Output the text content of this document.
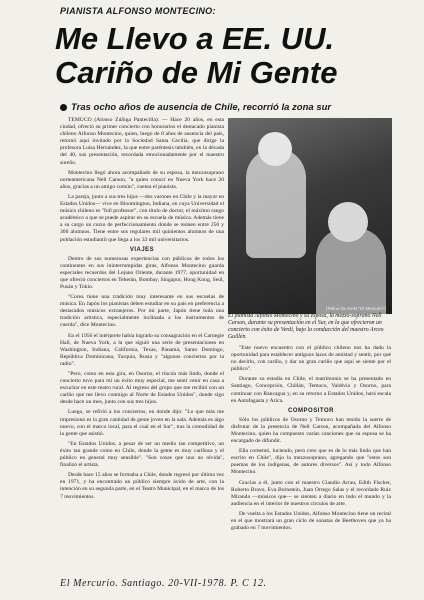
PIANISTA ALFONSO MONTECINO:
Me Llevo a EE. UU.
Cariño de Mi Gente
Tras ocho años de ausencia de Chile, recorrió la zona sur

TEMUCO (Alonso Zúñiga Pantecilla). — Hace 20 años, en esta ciudad, ofreció su primer concierto con honorarios el destacado pianista chileno Alfonso Montecino, quien, luego de 8 años de ausencia del país, retornó aquí invitado por la Sociedad Santa Cecilia, que dirige la profesora Luisa Hernández, la que entre paréntesis también, en la década del 40, sus presentación, recordada emocionadamente por el maestro sureño.

Montecino llegó ahora acompañado de su esposa, la mezzosoprano norteamericana Nell Carson, "a quien conocí en Nueva York hace 20 años, gracias a un amigo común", cuenta el pianista.

La pareja, junto a sus tres hijos —dos varones en Chile y la mayor en Estados Unidos— vive en Bloomington, Indiana, en cuya Universidad el músico chileno es "full professor", con título de doctor, el máximo rango académico a que se puede aspirar en su escuela de música. Además tiene a su cargo un curso de perfeccionamiento donde se reúnen entre 250 y 300 alumnos. Tiene entre sus regulares mil quinientos alumnos de una población estudiantil que llega a los 33 mil universitarios.

VIAJES

Dentro de sus numerosas experiencias con públicos de todos los continentes en sus ininterrumpidas giras, Alfonso Montecino guarda especiales recuerdos del Lejano Oriente, durante 1977, oportunidad en que ofreció conciertos en Teherán, Bombay, Singapur, Hong Kong, Seúl, Pusán y Tokio.

"Corea tiene una tradición muy interesante en sus escuelas de música. En Japón los pianistas deben estudiar en su país en preferencia a destacados músicos extranjeros. Por mi parte, Japón tiene toda una tradición artística, especialmente inclinada a los instrumentos de cuerda", dice Montecino.

En el 1956 el intérprete había logrado su consagración en el Carnegie Hall, de Nueva York, a la que siguió una serie de presentaciones en Washington, Indiana, California, Texas, Panamá, Santo Domingo, República Dominicana, Turquía, Rusia y "algunos conciertos por la radio".

"Pero, como en esta gira, en Osorno, el rincón más lindo, donde el concierto tuvo para mí un éxito muy especial, me sentí venir en casa a escuchar en este teatro rural. Al regreso del grupo que me recibió con un cariño que me llevo conmigo al Norte de Estados Unidos", donde sigo desde hace un mes, junto con sus tres hijos.

Luego, se refirió a los conciertos, en donde dijo: "Lo que más me impresionó es la gran cantidad de gente joven en la sala. Además es algo nuevo, con el marco local, para el cual en el Sur", tras la comodidad de la gente que asistió.

"En Estados Unidos, a pesar de ser un medio tan competitivo, un éxito tan grande como en Chile, donde la gente es muy cariñosa y el público en general muy sensible". "Son cosas que uno no olvida", finalizó el artista.

Desde hace 15 años se formaba a Chile, donde regresó por última vez en 1971, y ha encontrado un público siempre ávido de arte, con la intención en su segunda parte, en el Teatro Municipal, en el marco de los 7 movimientos.

(Tekno-OLAIAN "El Mercurio")
El pianista Alfonso Montecino y su esposa, la mezzo-soprano Nell Carson, durante su presentación en el Sur, en la que ofrecieron un concierto con éxito de Verdi, bajo la conducción del maestro Arceo Guillén.

"Este nuevo encuentro con el público chileno nos ha dado la oportunidad para establecer antiguos lazos de amistad y sentir, por qué no decirlo, con cariño, y dar un gran cariño que aquí se siente por el público".

Durante su estadía en Chile, el matrimonio se ha presentado en Santiago, Concepción, Chillán, Temuco, Valdivia y Osorno, para continuar con Rancagua y, en su retorno a Estados Unidos, hará escala en Antofagasta y Arica.

COMPOSITOR

Sólo los públicos de Osorno y Temuco han tenido la suerte de disfrutar de la presencia de Nell Carson, acompañada del Alfonso Montecino, quien ha compuesto varias canciones que su esposa se ha encargado de difundir.

Ella comentó, luciendo, pero creo que es de lo más lindo que han escrito en Chile", dijo la mezzosoprano, agregando que "estos son poemas de los indígenas, de autores diversos". Así y todo Alfonso Montecino.

Gracias a él, junto con el maestro Claudio Arrau, Edith Fischer, Roberto Bravo, Eva Bornstein, Juan Orrego Salas y el recordado Ruiz Miranda —músicos que— se sienten a diario en todo el mundo y la audiencia en el interior de nuestros círculos de arte.

De vuelta a los Estados Unidos, Alfonso Montecino tiene un recital en el que mostrará un gran ciclo de sonatas de Beethoven que ya ha grabado en 7 movimientos.

El Mercurio. Santiago. 20-VII-1978. P. C 12.
